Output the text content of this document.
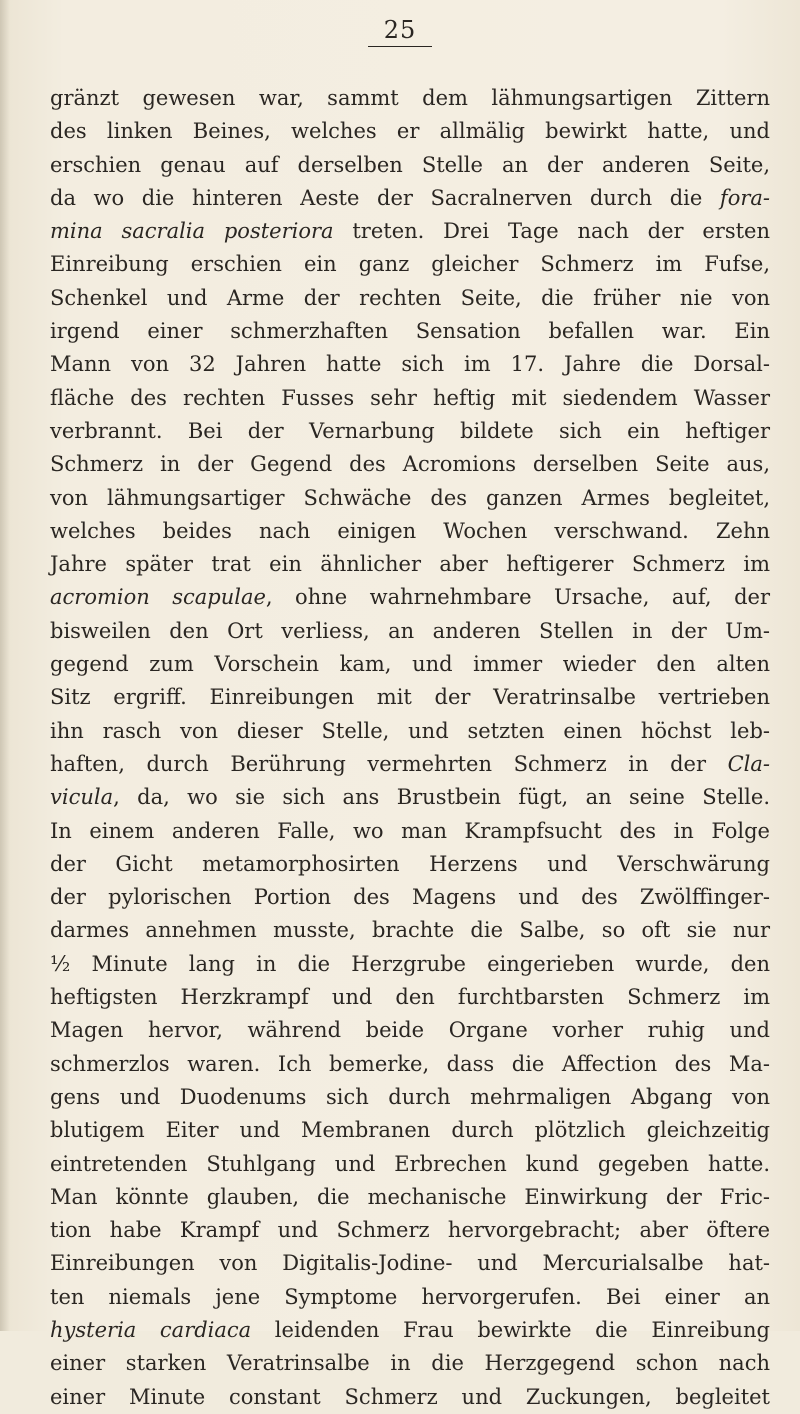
25
gränzt gewesen war, sammt dem lähmungsartigen Zittern
des linken Beines, welches er allmälig bewirkt hatte, und
erschien genau auf derselben Stelle an der anderen Seite,
da wo die hinteren Aeste der Sacralnerven durch die fora-
mina sacralia posteriora treten. Drei Tage nach der ersten
Einreibung erschien ein ganz gleicher Schmerz im Fufse,
Schenkel und Arme der rechten Seite, die früher nie von
irgend einer schmerzhaften Sensation befallen war. Ein
Mann von 32 Jahren hatte sich im 17. Jahre die Dorsal-
fläche des rechten Fusses sehr heftig mit siedendem Wasser
verbrannt. Bei der Vernarbung bildete sich ein heftiger
Schmerz in der Gegend des Acromions derselben Seite aus,
von lähmungsartiger Schwäche des ganzen Armes begleitet,
welches beides nach einigen Wochen verschwand. Zehn
Jahre später trat ein ähnlicher aber heftigerer Schmerz im
acromion scapulae, ohne wahrnehmbare Ursache, auf, der
bisweilen den Ort verliess, an anderen Stellen in der Um-
gegend zum Vorschein kam, und immer wieder den alten
Sitz ergriff. Einreibungen mit der Veratrinsalbe vertrieben
ihn rasch von dieser Stelle, und setzten einen höchst leb-
haften, durch Berührung vermehrten Schmerz in der Cla-
vicula, da, wo sie sich ans Brustbein fügt, an seine Stelle.
In einem anderen Falle, wo man Krampfsucht des in Folge
der Gicht metamorphosirten Herzens und Verschwärung
der pylorischen Portion des Magens und des Zwölffinger-
darmes annehmen musste, brachte die Salbe, so oft sie nur
½ Minute lang in die Herzgrube eingerieben wurde, den
heftigsten Herzkrampf und den furchtbarsten Schmerz im
Magen hervor, während beide Organe vorher ruhig und
schmerzlos waren. Ich bemerke, dass die Affection des Ma-
gens und Duodenums sich durch mehrmaligen Abgang von
blutigem Eiter und Membranen durch plötzlich gleichzeitig
eintretenden Stuhlgang und Erbrechen kund gegeben hatte.
Man könnte glauben, die mechanische Einwirkung der Fric-
tion habe Krampf und Schmerz hervorgebracht; aber öftere
Einreibungen von Digitalis-Jodine- und Mercurialsalbe hat-
ten niemals jene Symptome hervorgerufen. Bei einer an
hysteria cardiaca leidenden Frau bewirkte die Einreibung
einer starken Veratrinsalbe in die Herzgegend schon nach
einer Minute constant Schmerz und Zuckungen, begleitet
